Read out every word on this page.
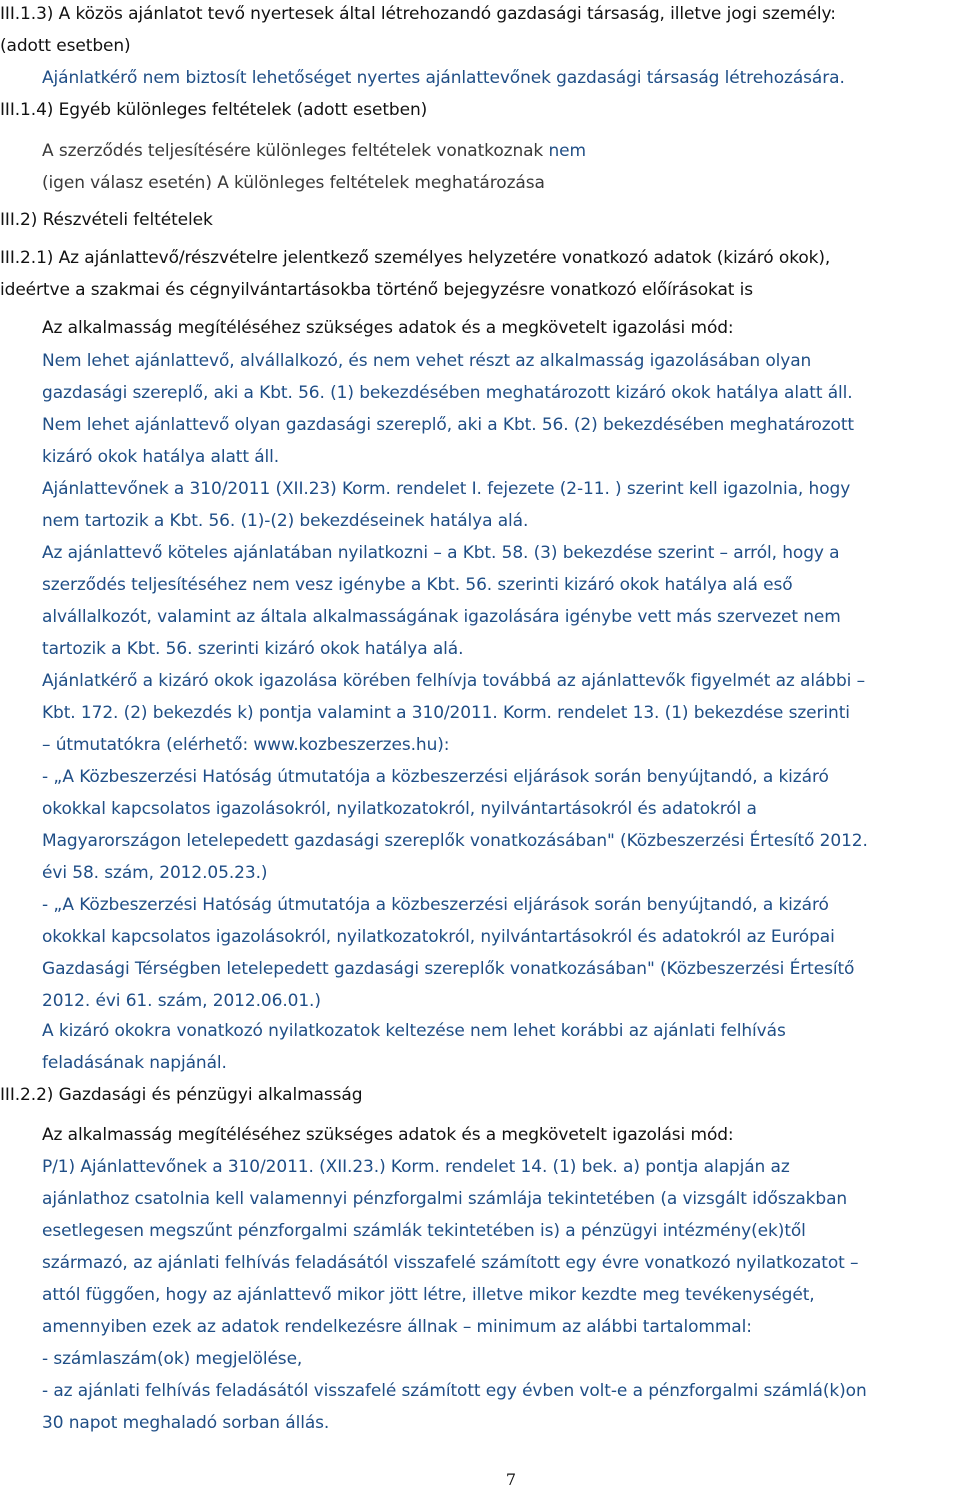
III.1.3) A közös ajánlatot tevő nyertesek által létrehozandó gazdasági társaság, illetve jogi személy:
(adott esetben)
Ajánlatkérő nem biztosít lehetőséget nyertes ajánlattevőnek gazdasági társaság létrehozására.
III.1.4) Egyéb különleges feltételek (adott esetben)
A szerződés teljesítésére különleges feltételek vonatkoznak nem
(igen válasz esetén) A különleges feltételek meghatározása
III.2) Részvételi feltételek
III.2.1) Az ajánlattevő/részvételre jelentkező személyes helyzetére vonatkozó adatok (kizáró okok),
ideértve a szakmai és cégnyilvántartásokba történő bejegyzésre vonatkozó előírásokat is
Az alkalmasság megítéléséhez szükséges adatok és a megkövetelt igazolási mód:
Nem lehet ajánlattevő, alvállalkozó, és nem vehet részt az alkalmasság igazolásában olyan
gazdasági szereplő, aki a Kbt. 56. (1) bekezdésében meghatározott kizáró okok hatálya alatt áll.
Nem lehet ajánlattevő olyan gazdasági szereplő, aki a Kbt. 56. (2) bekezdésében meghatározott
kizáró okok hatálya alatt áll.
Ajánlattevőnek a 310/2011 (XII.23) Korm. rendelet I. fejezete (2-11. ) szerint kell igazolnia, hogy
nem tartozik a Kbt. 56. (1)-(2) bekezdéseinek hatálya alá.
Az ajánlattevő köteles ajánlatában nyilatkozni – a Kbt. 58. (3) bekezdése szerint – arról, hogy a
szerződés teljesítéséhez nem vesz igénybe a Kbt. 56. szerinti kizáró okok hatálya alá eső
alvállalkozót, valamint az általa alkalmasságának igazolására igénybe vett más szervezet nem
tartozik a Kbt. 56. szerinti kizáró okok hatálya alá.
Ajánlatkérő a kizáró okok igazolása körében felhívja továbbá az ajánlattevők figyelmét az alábbi –
Kbt. 172. (2) bekezdés k) pontja valamint a 310/2011. Korm. rendelet 13. (1) bekezdése szerinti
– útmutatókra (elérhető: www.kozbeszerzes.hu):
- „A Közbeszerzési Hatóság útmutatója a közbeszerzési eljárások során benyújtandó, a kizáró
okokkal kapcsolatos igazolásokról, nyilatkozatokról, nyilvántartásokról és adatokról a
Magyarországon letelepedett gazdasági szereplők vonatkozásában" (Közbeszerzési Értesítő 2012.
évi 58. szám, 2012.05.23.)
- „A Közbeszerzési Hatóság útmutatója a közbeszerzési eljárások során benyújtandó, a kizáró
okokkal kapcsolatos igazolásokról, nyilatkozatokról, nyilvántartásokról és adatokról az Európai
Gazdasági Térségben letelepedett gazdasági szereplők vonatkozásában" (Közbeszerzési Értesítő
2012. évi 61. szám, 2012.06.01.)
A kizáró okokra vonatkozó nyilatkozatok keltezése nem lehet korábbi az ajánlati felhívás
feladásának napjánál.
III.2.2) Gazdasági és pénzügyi alkalmasság
Az alkalmasság megítéléséhez szükséges adatok és a megkövetelt igazolási mód:
P/1) Ajánlattevőnek a 310/2011. (XII.23.) Korm. rendelet 14. (1) bek. a) pontja alapján az
ajánlathoz csatolnia kell valamennyi pénzforgalmi számlája tekintetében (a vizsgált időszakban
esetlegesen megszűnt pénzforgalmi számlák tekintetében is) a pénzügyi intézmény(ek)től
származó, az ajánlati felhívás feladásától visszafelé számított egy évre vonatkozó nyilatkozatot –
attól függően, hogy az ajánlattevő mikor jött létre, illetve mikor kezdte meg tevékenységét,
amennyiben ezek az adatok rendelkezésre állnak – minimum az alábbi tartalommal:
- számlaszám(ok) megjelölése,
- az ajánlati felhívás feladásától visszafelé számított egy évben volt-e a pénzforgalmi számlá(k)on
30 napot meghaladó sorban állás.
7
